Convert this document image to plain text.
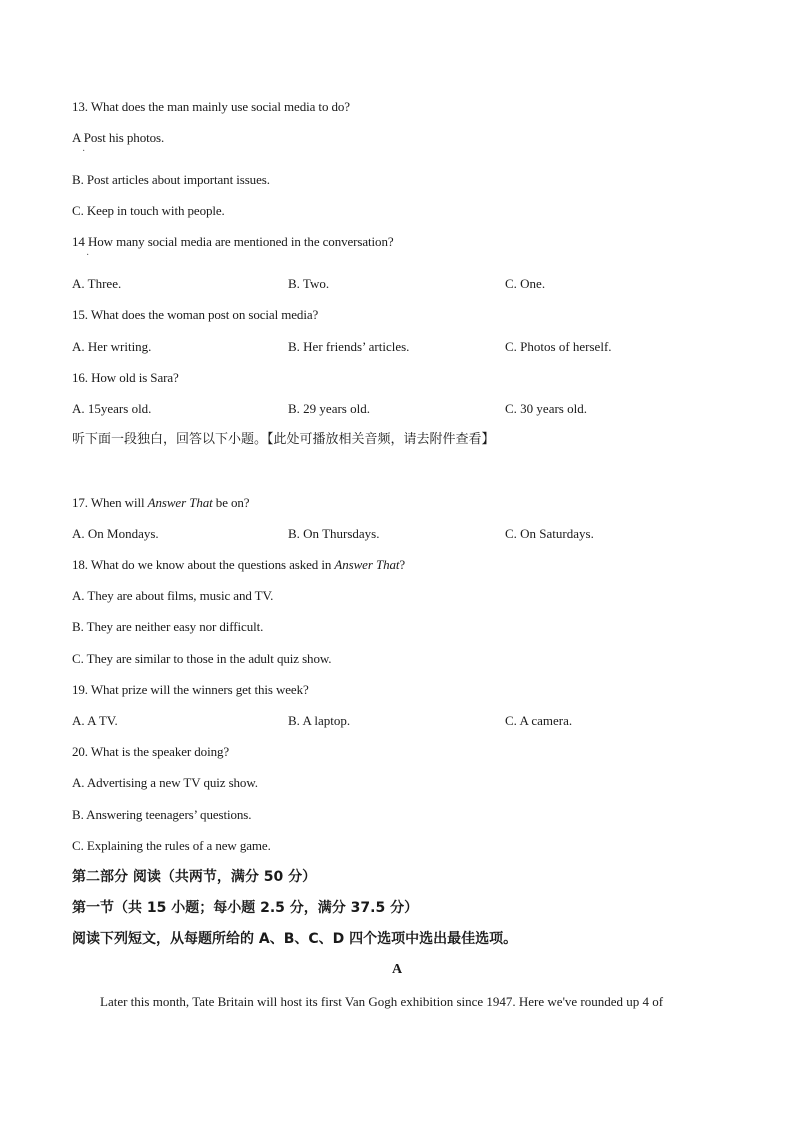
13. What does the man mainly use social media to do?
A Post his photos.
·
B. Post articles about important issues.
C. Keep in touch with people.
14 How many social media are mentioned in the conversation?
·
A. Three.	B. Two.	C. One.
15. What does the woman post on social media?
A. Her writing.	B. Her friends’ articles.	C. Photos of herself.
16. How old is Sara?
A. 15years old.	B. 29 years old.	C. 30 years old.
听下面一段独白，回答以下小题。【此处可播放相关音频，请去附件查看】
17. When will Answer That be on?
A. On Mondays.	B. On Thursdays.	C. On Saturdays.
18. What do we know about the questions asked in Answer That?
A. They are about films, music and TV.
B. They are neither easy nor difficult.
C. They are similar to those in the adult quiz show.
19. What prize will the winners get this week?
A. A TV.	B. A laptop.	C. A camera.
20. What is the speaker doing?
A. Advertising a new TV quiz show.
B. Answering teenagers’ questions.
C. Explaining the rules of a new game.
第二部分 阅读（共两节，满分 50 分）
第一节（共 15 小题；每小题 2.5 分，满分 37.5 分）
阅读下列短文，从每题所给的 A、B、C、D 四个选项中选出最佳选项。
A
Later this month, Tate Britain will host its first Van Gogh exhibition since 1947. Here we've rounded up 4 of
